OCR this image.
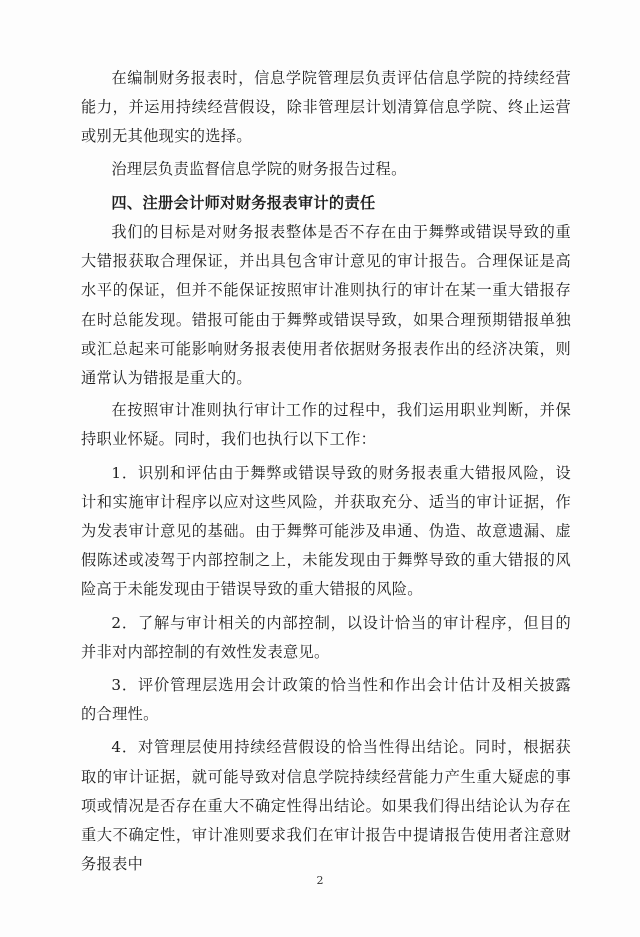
在编制财务报表时，信息学院管理层负责评估信息学院的持续经营能力，并运用持续经营假设，除非管理层计划清算信息学院、终止运营或别无其他现实的选择。

治理层负责监督信息学院的财务报告过程。

四、注册会计师对财务报表审计的责任

我们的目标是对财务报表整体是否不存在由于舞弊或错误导致的重大错报获取合理保证，并出具包含审计意见的审计报告。合理保证是高水平的保证，但并不能保证按照审计准则执行的审计在某一重大错报存在时总能发现。错报可能由于舞弊或错误导致，如果合理预期错报单独或汇总起来可能影响财务报表使用者依据财务报表作出的经济决策，则通常认为错报是重大的。

在按照审计准则执行审计工作的过程中，我们运用职业判断，并保持职业怀疑。同时，我们也执行以下工作：

1．识别和评估由于舞弊或错误导致的财务报表重大错报风险，设计和实施审计程序以应对这些风险，并获取充分、适当的审计证据，作为发表审计意见的基础。由于舞弊可能涉及串通、伪造、故意遗漏、虚假陈述或凌驾于内部控制之上，未能发现由于舞弊导致的重大错报的风险高于未能发现由于错误导致的重大错报的风险。

2．了解与审计相关的内部控制，以设计恰当的审计程序，但目的并非对内部控制的有效性发表意见。

3．评价管理层选用会计政策的恰当性和作出会计估计及相关披露的合理性。

4．对管理层使用持续经营假设的恰当性得出结论。同时，根据获取的审计证据，就可能导致对信息学院持续经营能力产生重大疑虑的事项或情况是否存在重大不确定性得出结论。如果我们得出结论认为存在重大不确定性，审计准则要求我们在审计报告中提请报告使用者注意财务报表中

2
